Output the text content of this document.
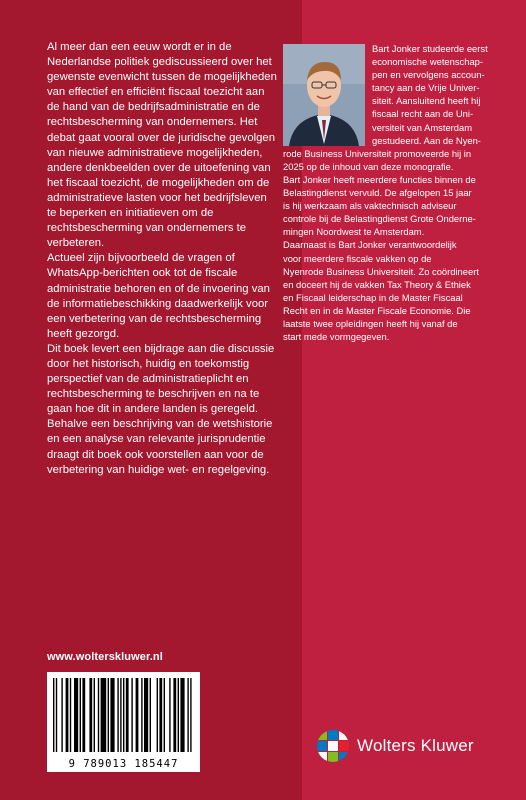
Al meer dan een eeuw wordt er in de Nederlandse politiek gediscussieerd over het gewenste evenwicht tussen de mogelijkheden van effectief en efficiënt fiscaal toezicht aan de hand van de bedrijfsadministratie en de rechtsbescherming van ondernemers. Het debat gaat vooral over de juridische gevolgen van nieuwe administratieve mogelijkheden, andere denkbeelden over de uitoefening van het fiscaal toezicht, de mogelijkheden om de administratieve lasten voor het bedrijfsleven te beperken en initiatieven om de rechtsbescherming van ondernemers te verbeteren.

Actueel zijn bijvoorbeeld de vragen of WhatsApp-berichten ook tot de fiscale administratie behoren en of de invoering van de informatiebeschikking daadwerkelijk voor een verbetering van de rechtsbescherming heeft gezorgd.

Dit boek levert een bijdrage aan die discussie door het historisch, huidig en toekomstig perspectief van de administratieplicht en rechtsbescherming te beschrijven en na te gaan hoe dit in andere landen is geregeld. Behalve een beschrijving van de wetshistorie en een analyse van relevante jurisprudentie draagt dit boek ook voorstellen aan voor de verbetering van huidige wet- en regelgeving.

Bart Jonker studeerde eerst
economische wetenschap-
pen en vervolgens accoun-
tancy aan de Vrije Univer-
siteit. Aansluitend heeft hij
fiscaal recht aan de Uni-
versiteit van Amsterdam
gestudeerd. Aan de Nyen-
rode Business Universiteit promoveerde hij in
2025 op de inhoud van deze monografie.
Bart Jonker heeft meerdere functies binnen de
Belastingdienst vervuld. De afgelopen 15 jaar
is hij werkzaam als vaktechnisch adviseur
controle bij de Belastingdienst Grote Onderne-
mingen Noordwest te Amsterdam.
Daarnaast is Bart Jonker verantwoordelijk
voor meerdere fiscale vakken op de
Nyenrode Business Universiteit. Zo coördineert
en doceert hij de vakken Tax Theory & Ethiek
en Fiscaal leiderschap in de Master Fiscaal
Recht en in de Master Fiscale Economie. Die
laatste twee opleidingen heeft hij vanaf de
start mede vormgegeven.
www.wolterskluwer.nl
9 789013 185447
Wolters Kluwer
